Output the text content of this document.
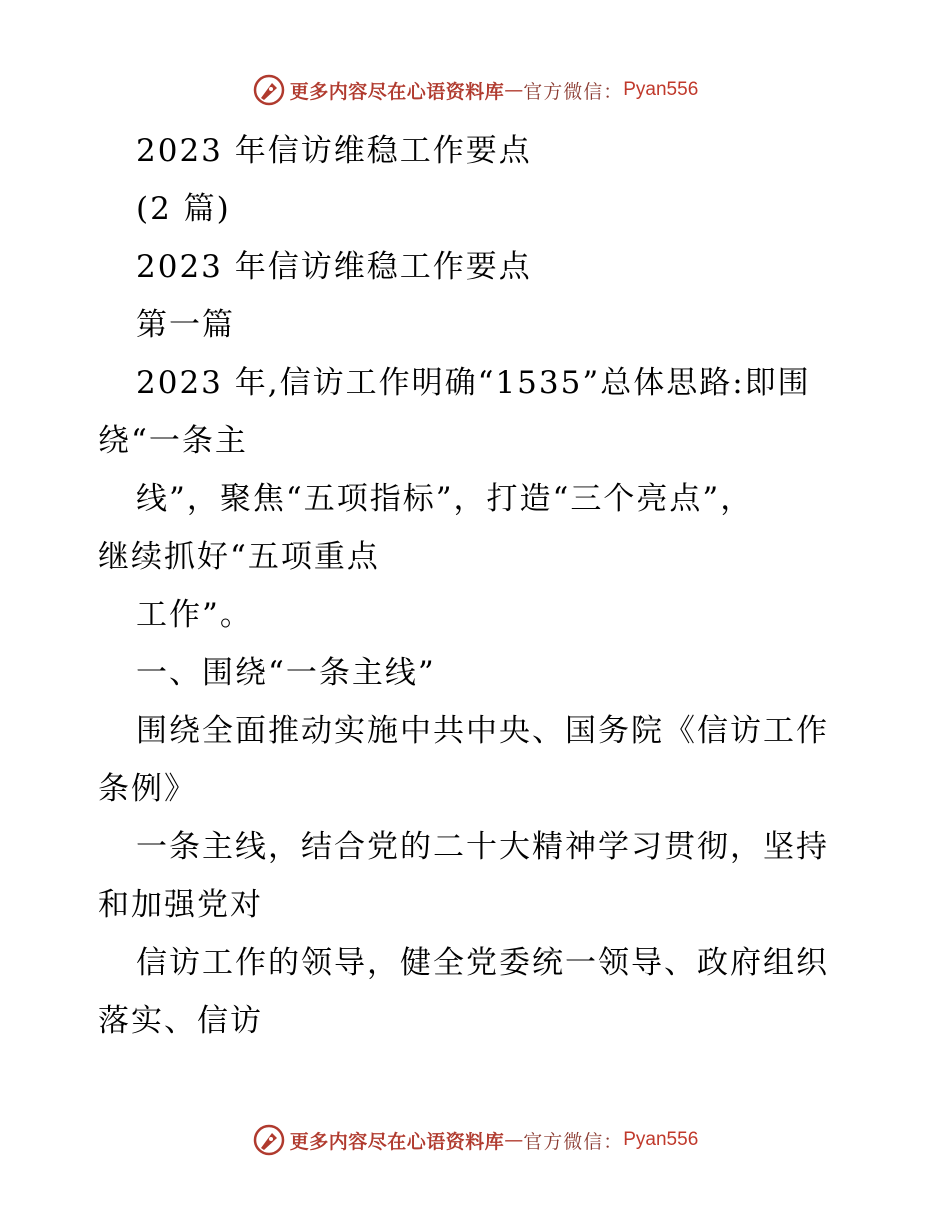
更多内容尽在心语资料库 — 官方微信： Pyan556

2023 年信访维稳工作要点

(2 篇)

2023 年信访维稳工作要点

第一篇

2023 年,信访工作明确“1535”总体思路:即围

绕“一条主

线”，聚焦“五项指标”，打造“三个亮点”，

继续抓好“五项重点

工作”。

一、围绕“一条主线”

围绕全面推动实施中共中央、国务院《信访工作

条例》

一条主线，结合党的二十大精神学习贯彻，坚持

和加强党对

信访工作的领导，健全党委统一领导、政府组织

落实、信访

更多内容尽在心语资料库 — 官方微信： Pyan556
